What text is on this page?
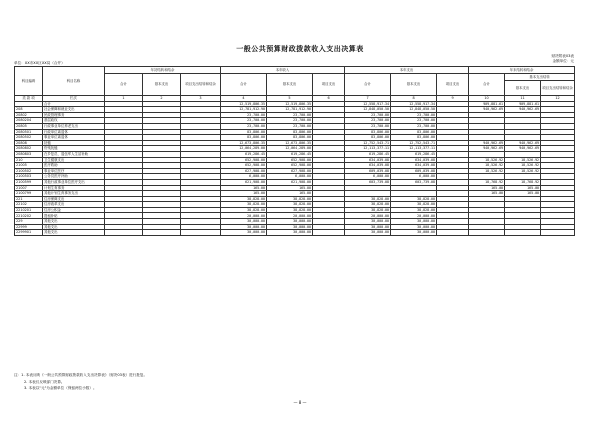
一般公共预算财政拨款收入支出决算表
财决附表03表
金额单位：元
单位：XX市XX区XX局（合并）
科目编码	科目名称	年初结转和结余			本年收入			本年支出			年末结转和结余		
		合计	基本支出	项目支出结转和结余	合计	基本支出	项目支出	合计	基本支出	项目支出	合计	基本支出结转	
												基本支出	项目支出结转和结余
类 款 项	栏次	1	2	3	4	5	6	7	8	9	10	11	12
	合计				12,519,806.35	12,519,806.35		12,558,917.34	12,558,917.34		909,881.61	909,881.61	
208	社会保障和就业支出				12,781,912.90	12,781,912.90		12,848,050.50	12,848,050.50		940,962.69	940,962.69	
20802	民政管理事务				23,700.00	23,700.00		23,700.00	23,700.00				
2080204	基层政权				23,700.00	23,700.00		23,700.00	23,700.00				
20805	行政事业单位养老支出				23,700.00	23,700.00		23,700.00	23,700.00				
2080501	行政单位离退休				83,806.00	83,806.00		83,806.00	83,806.00				
2080502	事业单位离退休				83,806.00	83,806.00		83,806.00	83,806.00				
20808	抚恤				12,673,806.35	12,673,806.35		12,752,543.71	12,752,543.71		940,962.69	940,962.69	
2080802	伤残抚恤				12,064,289.00	12,064,289.00		12,113,377.11	12,113,377.11		940,962.69	940,962.69	
2080803	在乡复员、退伍军人生活补助				619,286.45	619,286.45		619,286.45	619,286.45				
210	卫生健康支出				652,908.00	652,908.00		634,039.08	634,039.08		18,526.92	18,526.92	
21005	医疗救助				652,908.00	652,908.00		634,039.08	634,039.08		18,526.92	18,526.92	
2100502	事业单位医疗				627,908.00	627,908.00		609,039.08	609,039.08		18,526.92	18,526.92	
2100503	公务员医疗补助				6,000.00	6,000.00		6,000.00	6,000.00				
2100599	其他行政事业单位医疗支出				621,908.00	621,908.00		603,739.08	603,739.08		18,768.92	18,768.92	
21007	计划生育事务				165.00	165.00					165.00	165.00	
2100799	其他计划生育事务支出				165.00	165.00					165.00	165.00	
221	住房保障支出				38,828.00	38,828.00		38,828.00	38,828.00				
22102	住房改革支出				38,828.00	38,828.00		38,828.00	38,828.00				
2210201	住房公积金				38,828.00	38,828.00		38,828.00	38,828.00				
2210202	提租补贴				20,000.00	20,000.00		20,000.00	20,000.00				
229	其他支出				30,000.00	30,000.00		30,000.00	30,000.00				
22999	其他支出				30,000.00	30,000.00		30,000.00	30,000.00				
2299901	其他支出				30,000.00	30,000.00		30,000.00	30,000.00				
注：1. 本表反映《一般公共预算财政拨款收入支出决算表》（财决03表）进行批复。
2. 本表仅反映部门决算。
3. 本表以"元"为金额单位（保留两位小数）。
— 8 —
